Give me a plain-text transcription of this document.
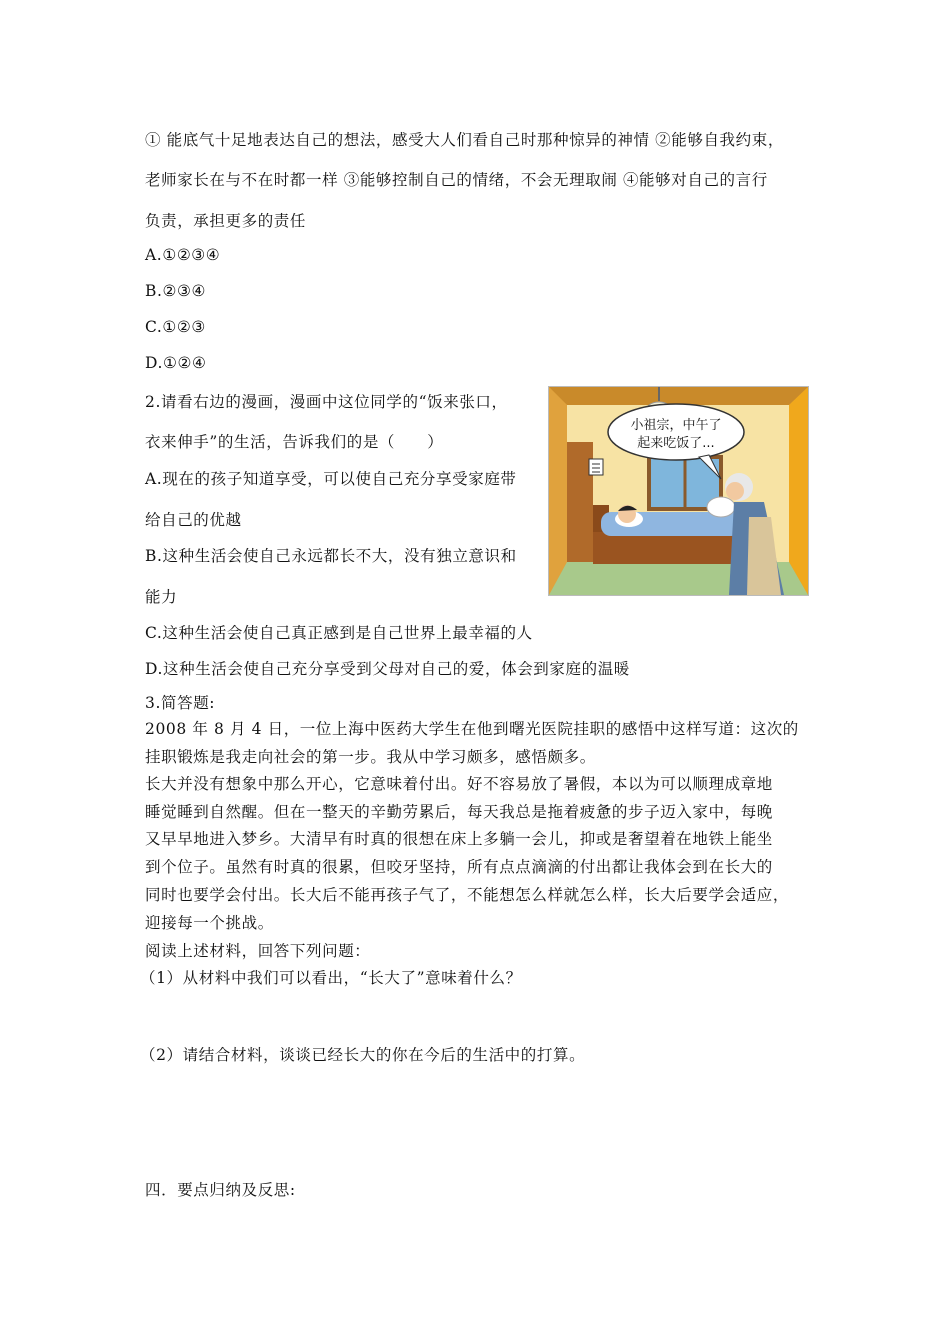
① 能底气十足地表达自己的想法，感受大人们看自己时那种惊异的神情 ②能够自我约束，
老师家长在与不在时都一样 ③能够控制自己的情绪，不会无理取闹 ④能够对自己的言行
负责，承担更多的责任
A.①②③④
B.②③④
C.①②③
D.①②④
2.请看右边的漫画，漫画中这位同学的“饭来张口，
衣来伸手”的生活，告诉我们的是（　　）
A.现在的孩子知道享受，可以使自己充分享受家庭带
给自己的优越
B.这种生活会使自己永远都长不大，没有独立意识和
能力
C.这种生活会使自己真正感到是自己世界上最幸福的人
D.这种生活会使自己充分享受到父母对自己的爱，体会到家庭的温暖
小祖宗，中午了
起来吃饭了...
3.简答题:
2008 年 8 月 4 日，一位上海中医药大学生在他到曙光医院挂职的感悟中这样写道：这次的
挂职锻炼是我走向社会的第一步。我从中学习颇多，感悟颇多。
长大并没有想象中那么开心，它意味着付出。好不容易放了暑假，本以为可以顺理成章地
睡觉睡到自然醒。但在一整天的辛勤劳累后，每天我总是拖着疲惫的步子迈入家中，每晚
又早早地进入梦乡。大清早有时真的很想在床上多躺一会儿，抑或是奢望着在地铁上能坐
到个位子。虽然有时真的很累，但咬牙坚持，所有点点滴滴的付出都让我体会到在长大的
同时也要学会付出。长大后不能再孩子气了，不能想怎么样就怎么样，长大后要学会适应，
迎接每一个挑战。
阅读上述材料，回答下列问题：
（1）从材料中我们可以看出，“长大了”意味着什么？
（2）请结合材料，谈谈已经长大的你在今后的生活中的打算。
四．要点归纳及反思:
